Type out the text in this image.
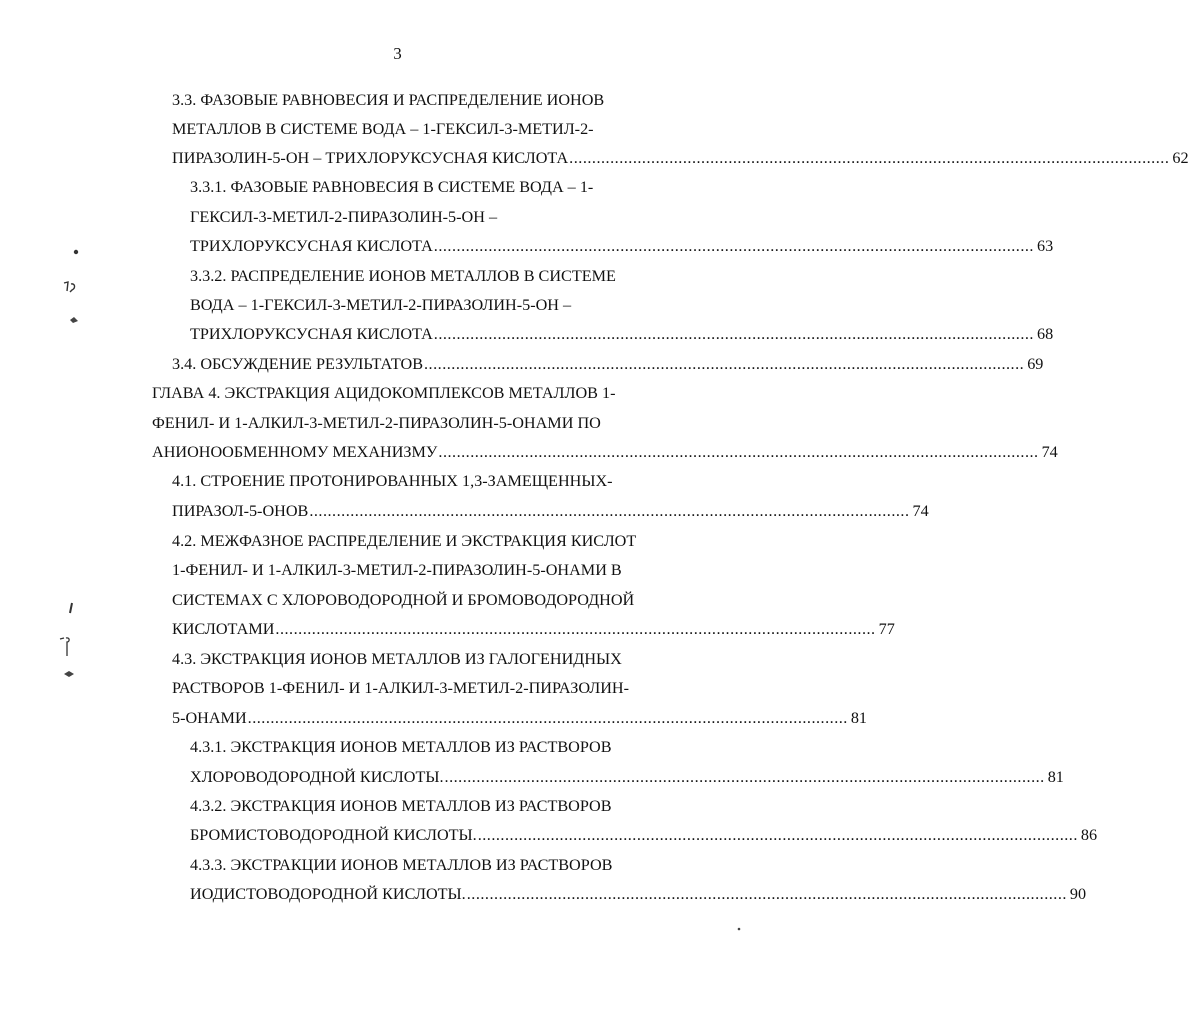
3
3.3. ФАЗОВЫЕ РАВНОВЕСИЯ И РАСПРЕДЕЛЕНИЕ ИОНОВ
МЕТАЛЛОВ В СИСТЕМЕ ВОДА – 1-ГЕКСИЛ-3-МЕТИЛ-2-
ПИРАЗОЛИН-5-ОН – ТРИХЛОРУКСУСНАЯ КИСЛОТА .................................................................................................................................... 62
3.3.1. ФАЗОВЫЕ РАВНОВЕСИЯ В СИСТЕМЕ ВОДА – 1-
ГЕКСИЛ-3-МЕТИЛ-2-ПИРАЗОЛИН-5-ОН –
ТРИХЛОРУКСУСНАЯ КИСЛОТА .................................................................................................................................... 63
3.3.2. РАСПРЕДЕЛЕНИЕ ИОНОВ МЕТАЛЛОВ В СИСТЕМЕ
ВОДА – 1-ГЕКСИЛ-3-МЕТИЛ-2-ПИРАЗОЛИН-5-ОН –
ТРИХЛОРУКСУСНАЯ КИСЛОТА .................................................................................................................................... 68
3.4. ОБСУЖДЕНИЕ РЕЗУЛЬТАТОВ .................................................................................................................................... 69
ГЛАВА 4. ЭКСТРАКЦИЯ АЦИДОКОМПЛЕКСОВ МЕТАЛЛОВ 1-
ФЕНИЛ- И 1-АЛКИЛ-3-МЕТИЛ-2-ПИРАЗОЛИН-5-ОНАМИ ПО
АНИОНООБМЕННОМУ МЕХАНИЗМУ .................................................................................................................................... 74
4.1. СТРОЕНИЕ ПРОТОНИРОВАННЫХ 1,3-ЗАМЕЩЕННЫХ-
ПИРАЗОЛ-5-ОНОВ .................................................................................................................................... 74
4.2. МЕЖФАЗНОЕ РАСПРЕДЕЛЕНИЕ И ЭКСТРАКЦИЯ КИСЛОТ
1-ФЕНИЛ- И 1-АЛКИЛ-3-МЕТИЛ-2-ПИРАЗОЛИН-5-ОНАМИ В
СИСТЕМАХ С ХЛОРОВОДОРОДНОЙ И БРОМОВОДОРОДНОЙ
КИСЛОТАМИ .................................................................................................................................... 77
4.3. ЭКСТРАКЦИЯ ИОНОВ МЕТАЛЛОВ ИЗ ГАЛОГЕНИДНЫХ
РАСТВОРОВ 1-ФЕНИЛ- И 1-АЛКИЛ-3-МЕТИЛ-2-ПИРАЗОЛИН-
5-ОНАМИ .................................................................................................................................... 81
4.3.1. ЭКСТРАКЦИЯ ИОНОВ МЕТАЛЛОВ ИЗ РАСТВОРОВ
ХЛОРОВОДОРОДНОЙ КИСЛОТЫ. .................................................................................................................................... 81
4.3.2. ЭКСТРАКЦИЯ ИОНОВ МЕТАЛЛОВ ИЗ РАСТВОРОВ
БРОМИСТОВОДОРОДНОЙ КИСЛОТЫ. .................................................................................................................................... 86
4.3.3. ЭКСТРАКЦИИ ИОНОВ МЕТАЛЛОВ ИЗ РАСТВОРОВ
ИОДИСТОВОДОРОДНОЙ КИСЛОТЫ. .................................................................................................................................... 90
